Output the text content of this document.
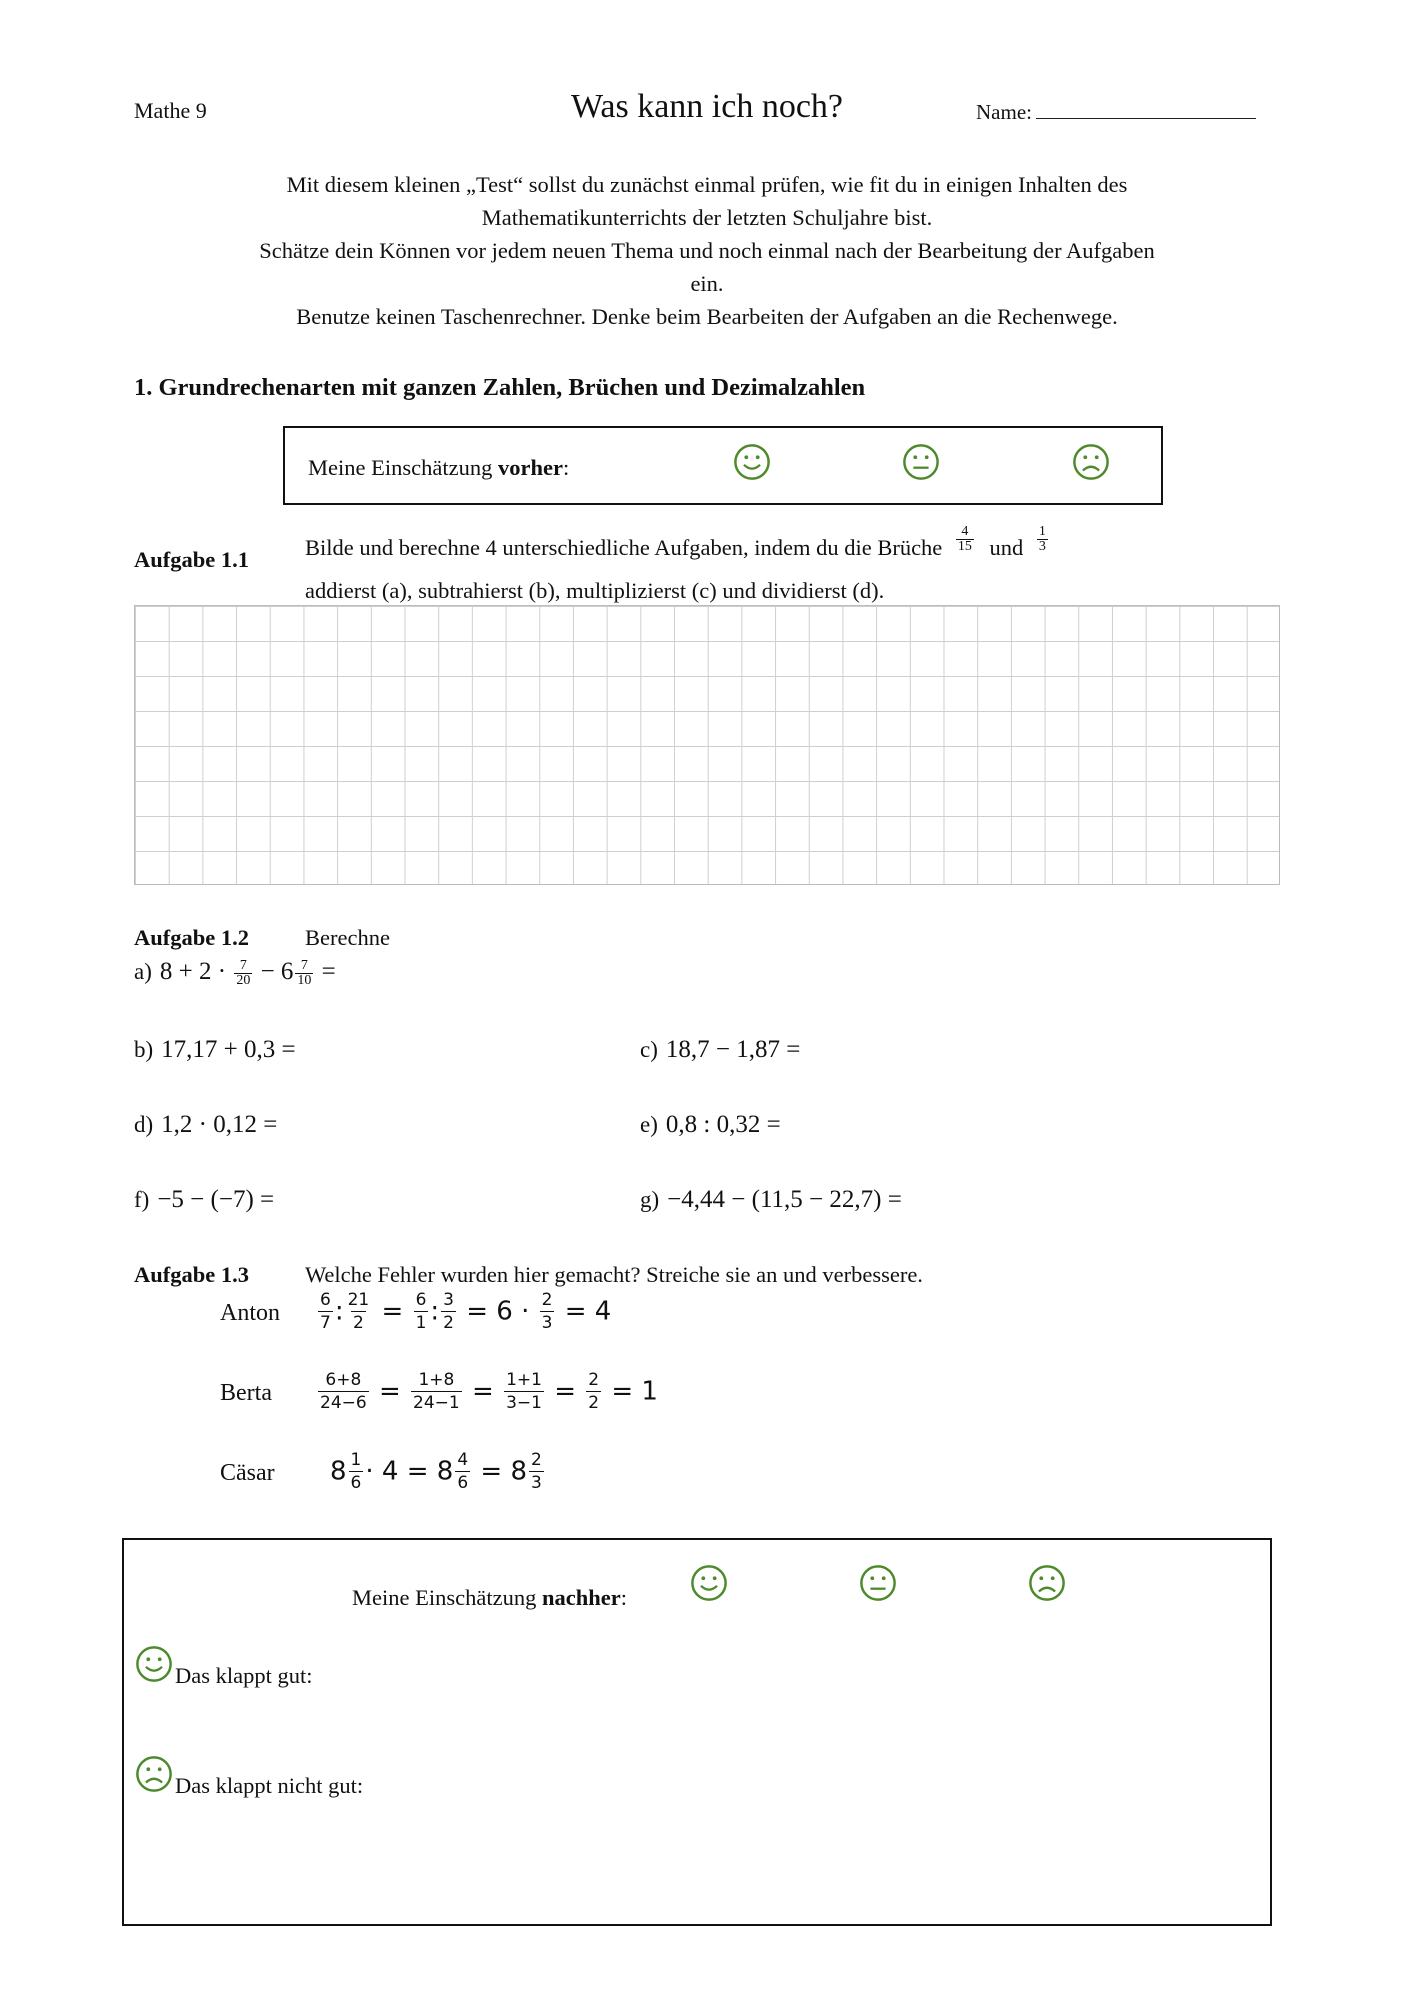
Mathe 9	Was kann ich noch?	Name:
Mit diesem kleinen „Test“ sollst du zunächst einmal prüfen, wie fit du in einigen Inhalten des
Mathematikunterrichts der letzten Schuljahre bist.
Schätze dein Können vor jedem neuen Thema und noch einmal nach der Bearbeitung der Aufgaben
ein.
Benutze keinen Taschenrechner. Denke beim Bearbeiten der Aufgaben an die Rechenwege.
1. Grundrechenarten mit ganzen Zahlen, Brüchen und Dezimalzahlen
Meine Einschätzung vorher:
Aufgabe 1.1 Bilde und berechne 4 unterschiedliche Aufgaben, indem du die Brüche $\frac{4}{15}$ und $\frac{1}{3}$
addierst (a), subtrahierst (b), multiplizierst (c) und dividierst (d).
Aufgabe 1.2 Berechne
a) $8 + 2 \cdot \frac{7}{20} - 6 \frac{7}{10}$ =
b) 17,17 + 0,3 =	c) 18,7 − 1,87 =
d) 1,2 · 0,12 =	e) 0,8 : 0,32 =
f) −5 − (−7) =	g) −4,44 − (11,5 − 22,7) =
Aufgabe 1.3 Welche Fehler wurden hier gemacht? Streiche sie an und verbessere.
Anton $\frac{6}{7}$ : $\frac{21}{2} = \frac{6}{1}$ : $\frac{3}{2} = 6 \cdot \frac{2}{3} = 4$
Berta	$\frac{6+8}{24-6} = \frac{1+8}{24-1} = \frac{1+1}{3-1} = \frac{2}{2} = 1$
Cäsar $8 \frac{1}{6} \cdot 4 = 8 \frac{4}{6} = 8 \frac{2}{3}$
Meine Einschätzung nachher:
Das klappt gut:
Das klappt nicht gut:
